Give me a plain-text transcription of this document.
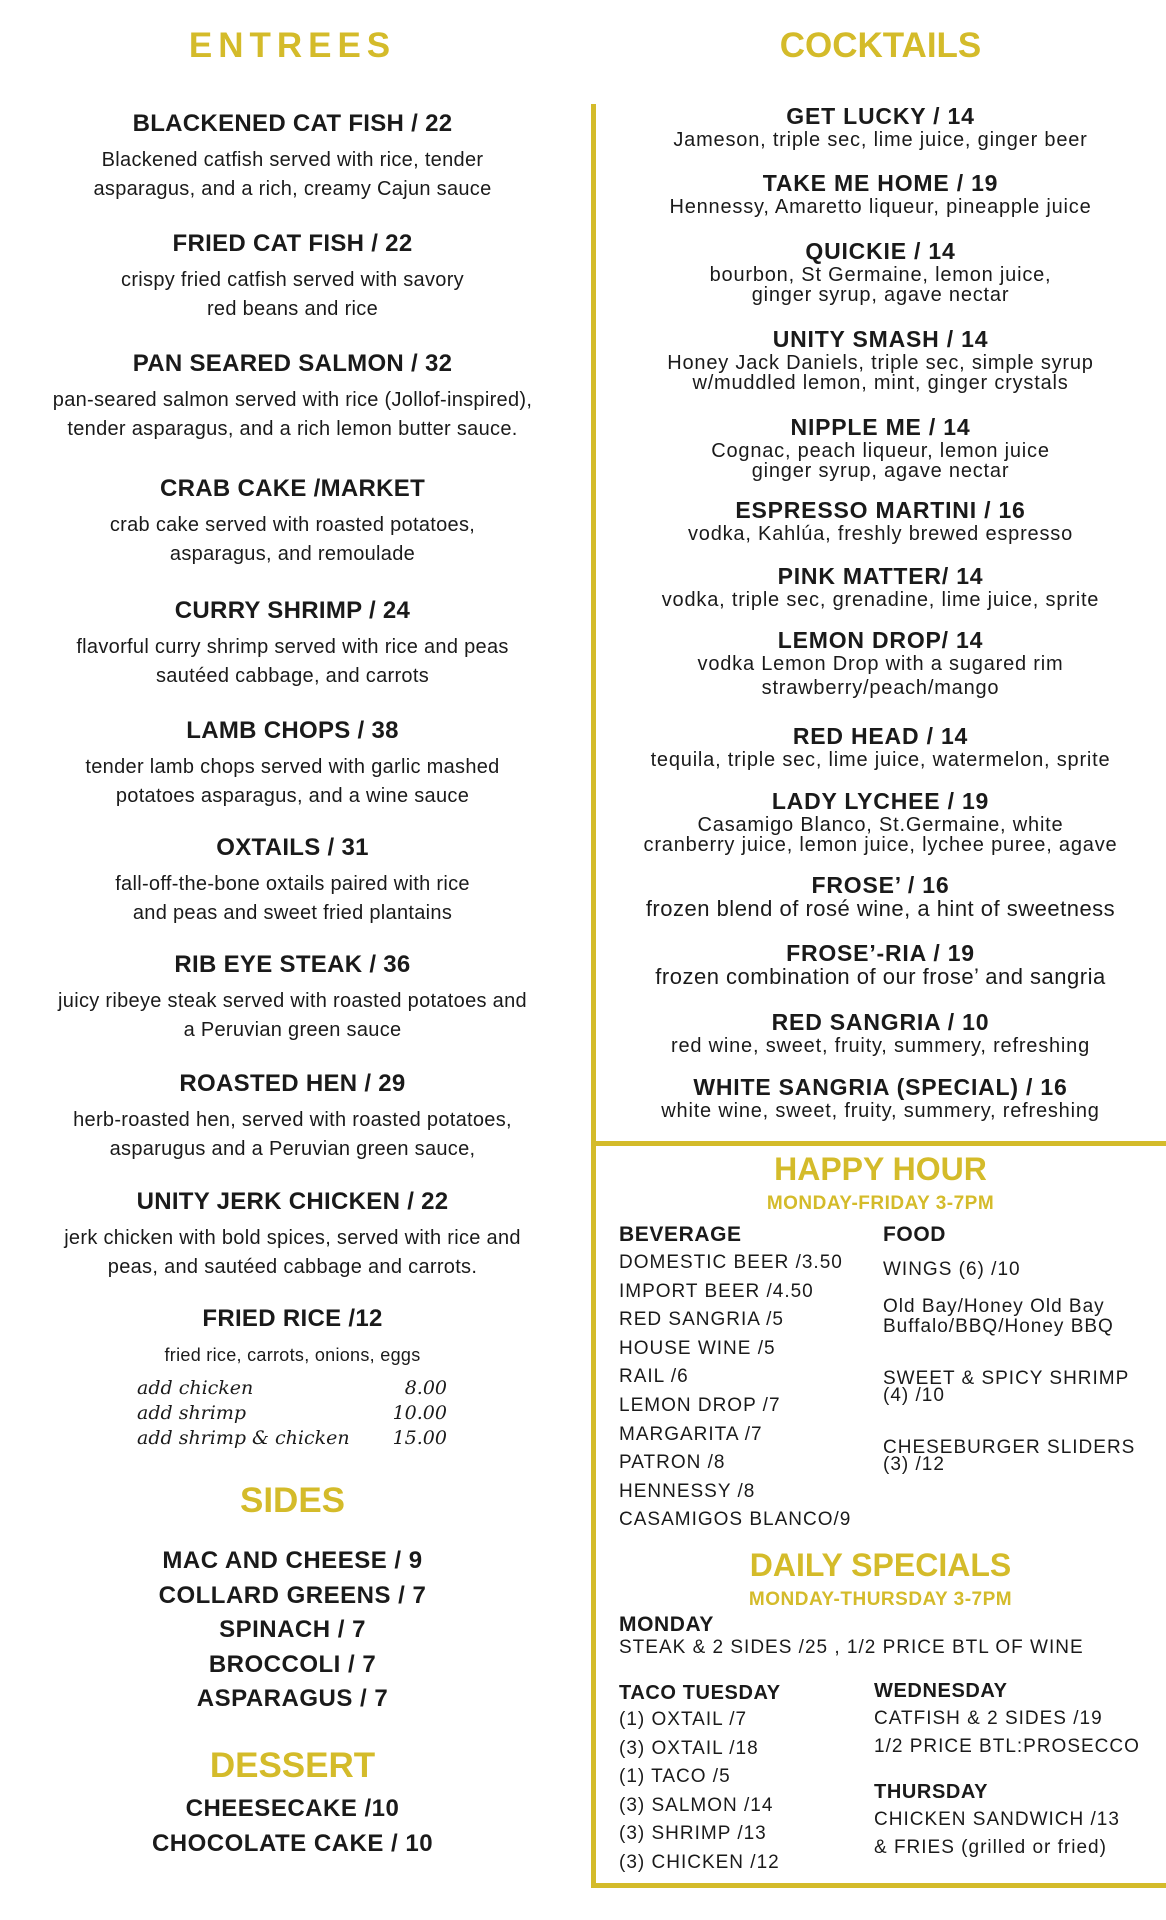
ENTREES
BLACKENED CAT FISH / 22
Blackened catfish served with rice, tender
asparagus, and a rich, creamy Cajun sauce
FRIED CAT FISH / 22
crispy fried catfish served with savory
red beans and rice
PAN SEARED SALMON / 32
pan-seared salmon served with rice (Jollof-inspired),
tender asparagus, and a rich lemon butter sauce.
CRAB CAKE /MARKET
crab cake served with roasted potatoes,
asparagus, and remoulade
CURRY SHRIMP / 24
flavorful curry shrimp served with rice and peas
sautéed cabbage, and carrots
LAMB CHOPS / 38
tender lamb chops served with garlic mashed
potatoes asparagus, and a wine sauce
OXTAILS / 31
fall-off-the-bone oxtails paired with rice
and peas and sweet fried plantains
RIB EYE STEAK / 36
juicy ribeye steak served with roasted potatoes and
a Peruvian green sauce
ROASTED HEN / 29
herb-roasted hen, served with roasted potatoes,
asparugus and a Peruvian green sauce,
UNITY JERK CHICKEN / 22
jerk chicken with bold spices, served with rice and
peas, and sautéed cabbage and carrots.
FRIED RICE /12
fried rice, carrots, onions, eggs
add chicken	8.00
add shrimp	10.00
add shrimp & chicken 15.00
SIDES
MAC AND CHEESE / 9
COLLARD GREENS / 7
SPINACH / 7
BROCCOLI / 7
ASPARAGUS / 7
DESSERT
CHEESECAKE /10
CHOCOLATE CAKE / 10
COCKTAILS
GET LUCKY / 14
Jameson, triple sec, lime juice, ginger beer
TAKE ME HOME / 19
Hennessy, Amaretto liqueur, pineapple juice
QUICKIE / 14
bourbon, St Germaine, lemon juice,
ginger syrup, agave nectar
UNITY SMASH / 14
Honey Jack Daniels, triple sec, simple syrup
w/muddled lemon, mint, ginger crystals
NIPPLE ME / 14
Cognac, peach liqueur, lemon juice
ginger syrup, agave nectar
ESPRESSO MARTINI / 16
vodka, Kahlúa, freshly brewed espresso
PINK MATTER/ 14
vodka, triple sec, grenadine, lime juice, sprite
LEMON DROP/ 14
vodka Lemon Drop with a sugared rim
strawberry/peach/mango
RED HEAD / 14
tequila, triple sec, lime juice, watermelon, sprite
LADY LYCHEE / 19
Casamigo Blanco, St.Germaine, white
cranberry juice, lemon juice, lychee puree, agave
FROSE’ / 16
frozen blend of rosé wine, a hint of sweetness
FROSE’-RIA / 19
frozen combination of our frose’ and sangria
RED SANGRIA / 10
red wine, sweet, fruity, summery, refreshing
WHITE SANGRIA (SPECIAL) / 16
white wine, sweet, fruity, summery, refreshing
HAPPY HOUR
MONDAY-FRIDAY 3-7PM
BEVERAGE
DOMESTIC BEER /3.50
IMPORT BEER /4.50
RED SANGRIA /5
HOUSE WINE /5
RAIL /6
LEMON DROP /7
MARGARITA /7
PATRON /8
HENNESSY /8
CASAMIGOS BLANCO/9
FOOD
WINGS (6) /10
Old Bay/Honey Old Bay
Buffalo/BBQ/Honey BBQ
SWEET & SPICY SHRIMP
(4) /10
CHESEBURGER SLIDERS
(3) /12
DAILY SPECIALS
MONDAY-THURSDAY 3-7PM
MONDAY
STEAK & 2 SIDES /25 , 1/2 PRICE BTL OF WINE
TACO TUESDAY
(1) OXTAIL /7
(3) OXTAIL /18
(1) TACO /5
(3) SALMON /14
(3) SHRIMP /13
(3) CHICKEN /12
WEDNESDAY
CATFISH & 2 SIDES /19
1/2 PRICE BTL:PROSECCO
THURSDAY
CHICKEN SANDWICH /13
& FRIES (grilled or fried)
